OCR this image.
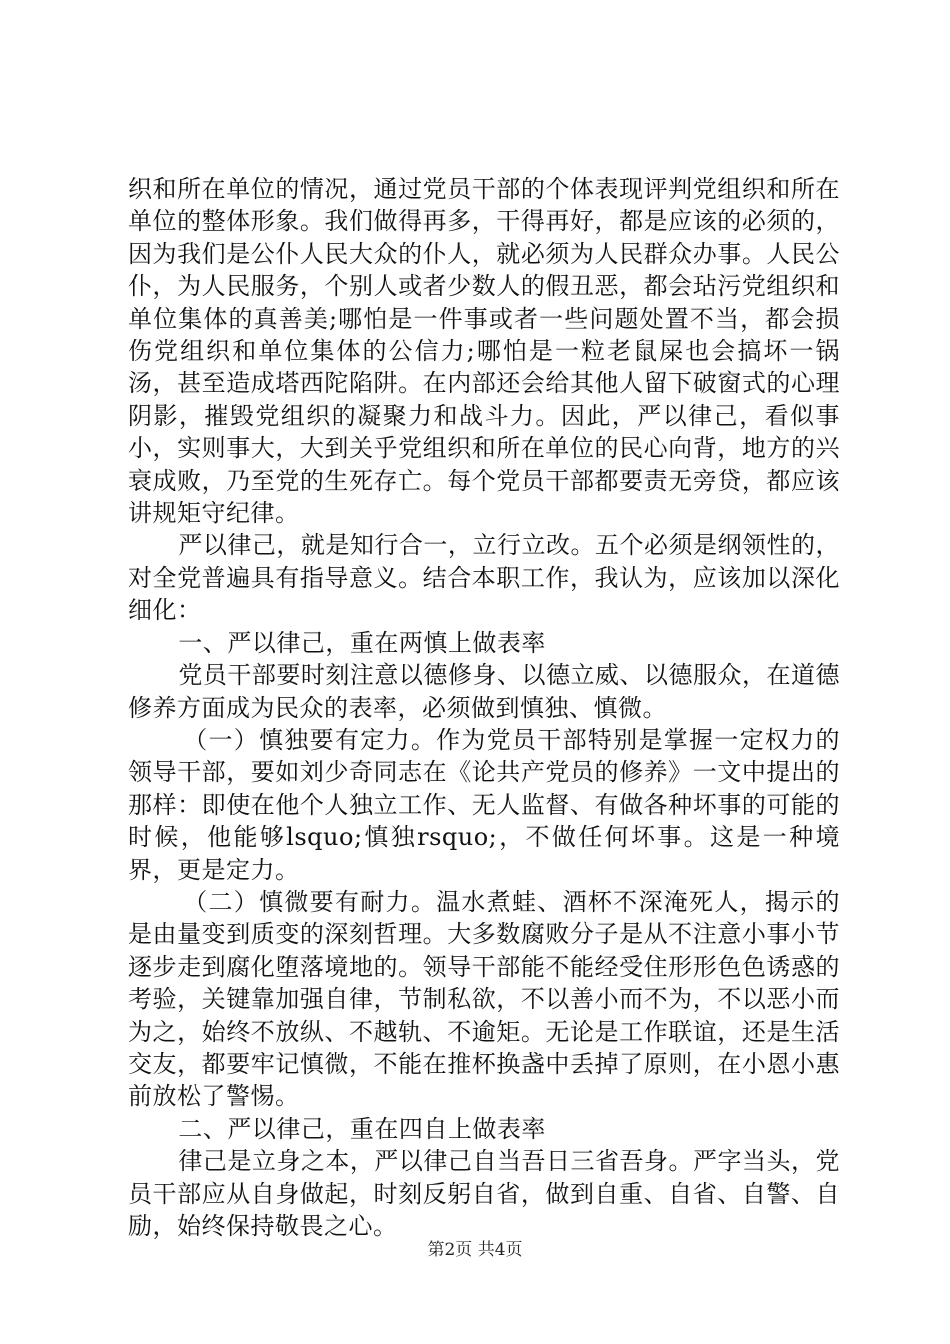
织和所在单位的情况，通过党员干部的个体表现评判党组织和所在单位的整体形象。我们做得再多，干得再好，都是应该的必须的，因为我们是公仆人民大众的仆人，就必须为人民群众办事。人民公仆，为人民服务，个别人或者少数人的假丑恶，都会玷污党组织和单位集体的真善美;哪怕是一件事或者一些问题处置不当，都会损伤党组织和单位集体的公信力;哪怕是一粒老鼠屎也会搞坏一锅汤，甚至造成塔西陀陷阱。在内部还会给其他人留下破窗式的心理阴影，摧毁党组织的凝聚力和战斗力。因此，严以律己，看似事小，实则事大，大到关乎党组织和所在单位的民心向背，地方的兴衰成败，乃至党的生死存亡。每个党员干部都要责无旁贷，都应该讲规矩守纪律。

严以律己，就是知行合一，立行立改。五个必须是纲领性的，对全党普遍具有指导意义。结合本职工作，我认为，应该加以深化细化：

一、严以律己，重在两慎上做表率

党员干部要时刻注意以德修身、以德立威、以德服众，在道德修养方面成为民众的表率，必须做到慎独、慎微。

（一）慎独要有定力。作为党员干部特别是掌握一定权力的领导干部，要如刘少奇同志在《论共产党员的修养》一文中提出的那样：即使在他个人独立工作、无人监督、有做各种坏事的可能的时候，他能够lsquo;慎独rsquo;，不做任何坏事。这是一种境界，更是定力。

（二）慎微要有耐力。温水煮蛙、酒杯不深淹死人，揭示的是由量变到质变的深刻哲理。大多数腐败分子是从不注意小事小节逐步走到腐化堕落境地的。领导干部能不能经受住形形色色诱惑的考验，关键靠加强自律，节制私欲，不以善小而不为，不以恶小而为之，始终不放纵、不越轨、不逾矩。无论是工作联谊，还是生活交友，都要牢记慎微，不能在推杯换盏中丢掉了原则，在小恩小惠前放松了警惕。

二、严以律己，重在四自上做表率

律己是立身之本，严以律己自当吾日三省吾身。严字当头，党员干部应从自身做起，时刻反躬自省，做到自重、自省、自警、自励，始终保持敬畏之心。

第2页 共4页
